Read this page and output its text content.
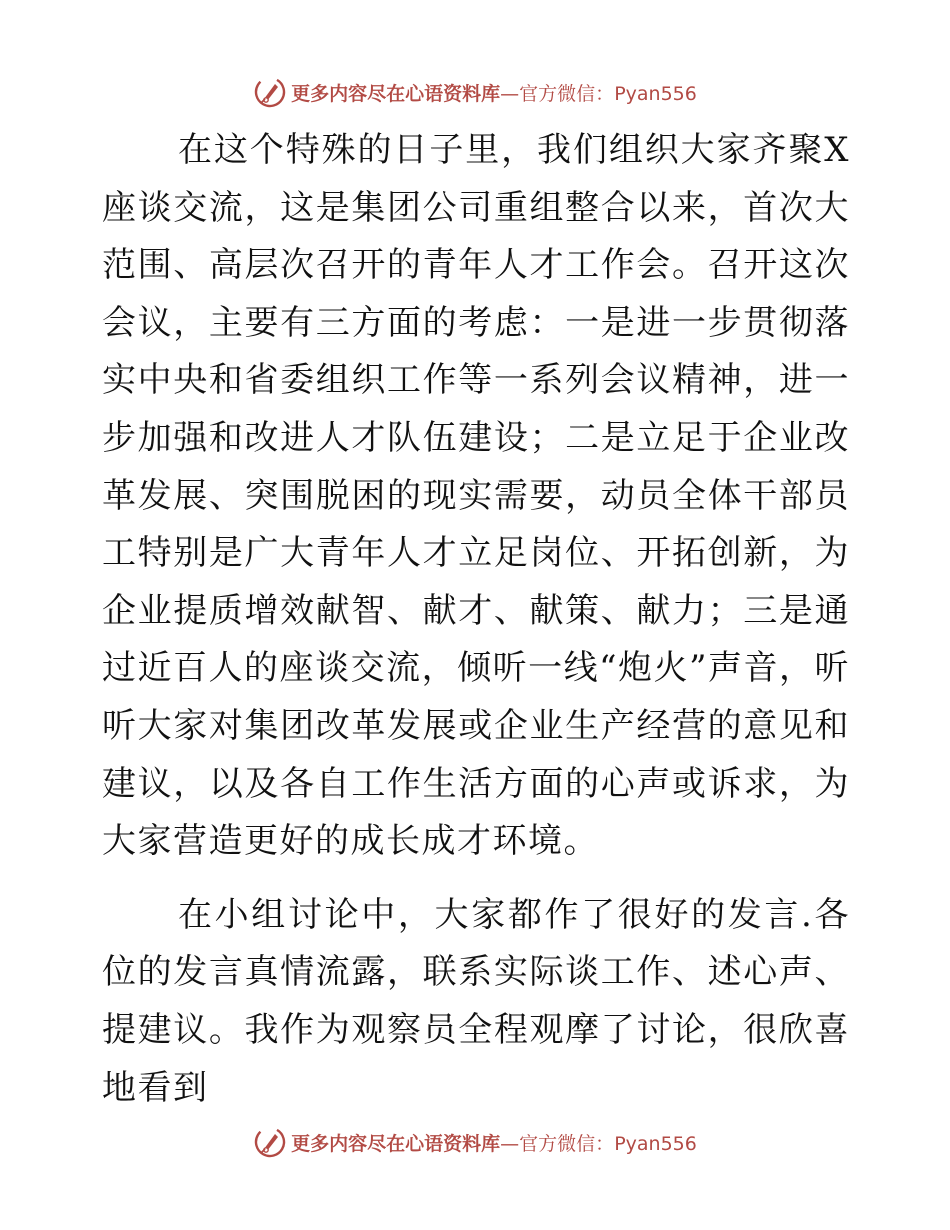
更多内容尽在心语资料库—官方微信：Pyan556

在这个特殊的日子里，我们组织大家齐聚X座谈交流，这是集团公司重组整合以来，首次大范围、高层次召开的青年人才工作会。召开这次会议，主要有三方面的考虑：一是进一步贯彻落实中央和省委组织工作等一系列会议精神，进一步加强和改进人才队伍建设；二是立足于企业改革发展、突围脱困的现实需要，动员全体干部员工特别是广大青年人才立足岗位、开拓创新，为企业提质增效献智、献才、献策、献力；三是通过近百人的座谈交流，倾听一线“炮火”声音，听听大家对集团改革发展或企业生产经营的意见和建议，以及各自工作生活方面的心声或诉求，为大家营造更好的成长成才环境。

在小组讨论中，大家都作了很好的发言.各位的发言真情流露，联系实际谈工作、述心声、提建议。我作为观察员全程观摩了讨论，很欣喜地看到

更多内容尽在心语资料库—官方微信：Pyan556
